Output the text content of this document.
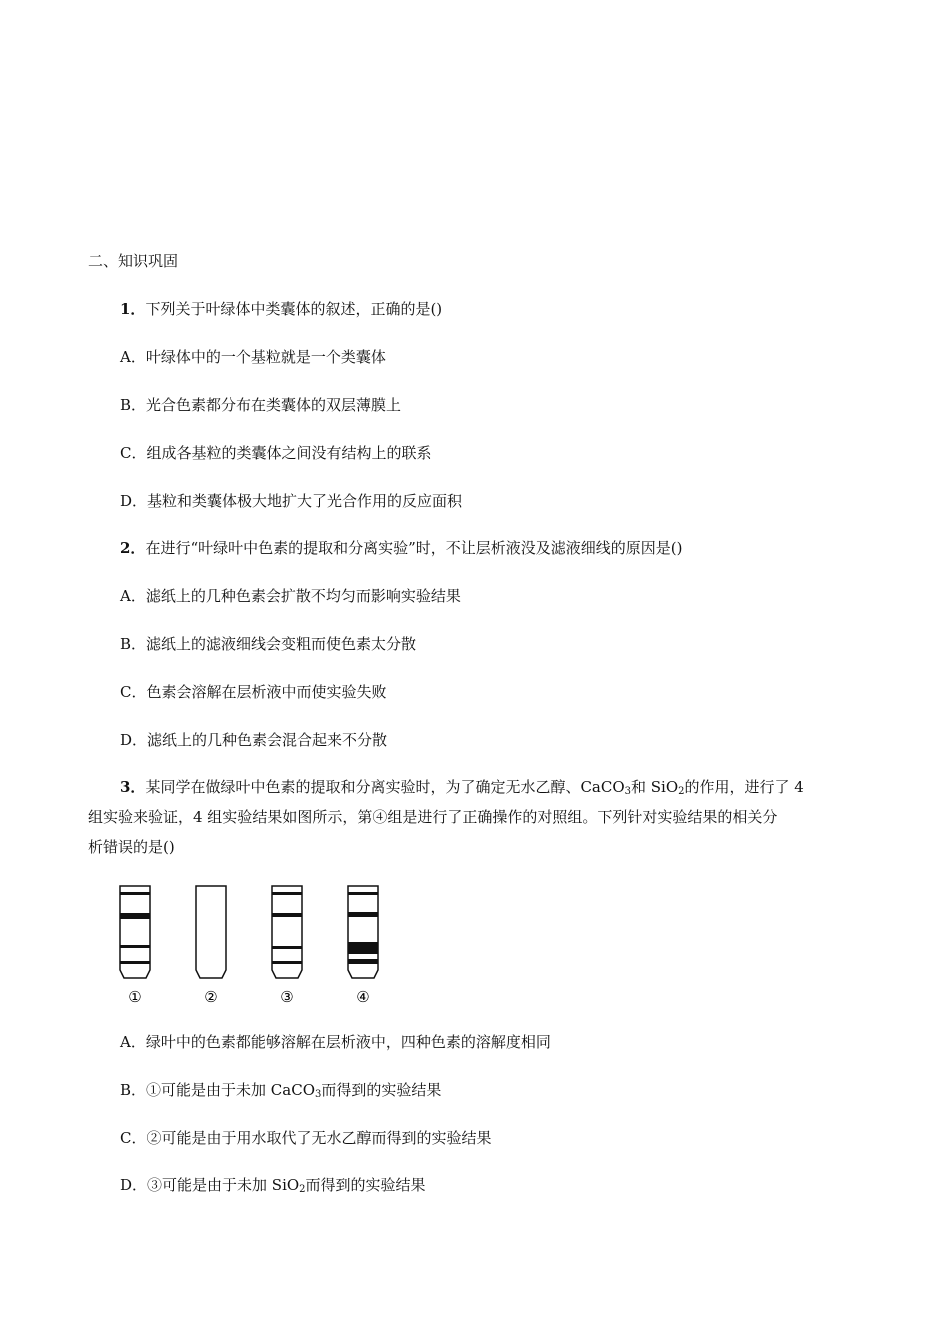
二、知识巩固
1．下列关于叶绿体中类囊体的叙述，正确的是()
A．叶绿体中的一个基粒就是一个类囊体
B．光合色素都分布在类囊体的双层薄膜上
C．组成各基粒的类囊体之间没有结构上的联系
D．基粒和类囊体极大地扩大了光合作用的反应面积
2．在进行“叶绿叶中色素的提取和分离实验”时，不让层析液没及滤液细线的原因是()
A．滤纸上的几种色素会扩散不均匀而影响实验结果
B．滤纸上的滤液细线会变粗而使色素太分散
C．色素会溶解在层析液中而使实验失败
D．滤纸上的几种色素会混合起来不分散
3．某同学在做绿叶中色素的提取和分离实验时，为了确定无水乙醇、CaCO$_3$和 SiO$_2$的作用，进行了 4
组实验来验证，4 组实验结果如图所示，第④组是进行了正确操作的对照组。下列针对实验结果的相关分
析错误的是()
①	②	③	④
A．绿叶中的色素都能够溶解在层析液中，四种色素的溶解度相同
B．①可能是由于未加 CaCO$_3$而得到的实验结果
C．②可能是由于用水取代了无水乙醇而得到的实验结果
D．③可能是由于未加 SiO$_2$而得到的实验结果
